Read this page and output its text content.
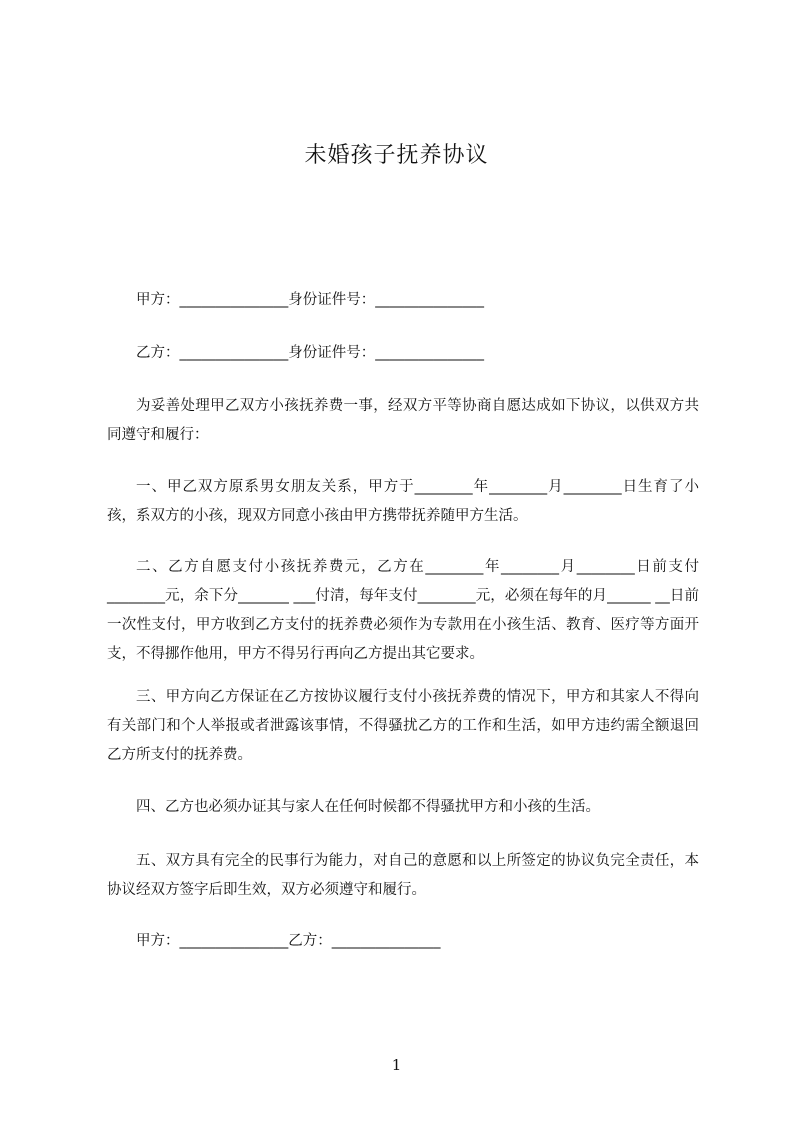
未婚孩子抚养协议

甲方：_______________身份证件号：_______________

乙方：_______________身份证件号：_______________

为妥善处理甲乙双方小孩抚养费一事，经双方平等协商自愿达成如下协议，以供双方共同遵守和履行：

一、甲乙双方原系男女朋友关系，甲方于________年________月________日生育了小孩，系双方的小孩，现双方同意小孩由甲方携带抚养随甲方生活。

二、乙方自愿支付小孩抚养费元，乙方在________年________月________日前支付________元，余下分_______ ___付清，每年支付________元，必须在每年的月______ __日前一次性支付，甲方收到乙方支付的抚养费必须作为专款用在小孩生活、教育、医疗等方面开支，不得挪作他用，甲方不得另行再向乙方提出其它要求。

三、甲方向乙方保证在乙方按协议履行支付小孩抚养费的情况下，甲方和其家人不得向有关部门和个人举报或者泄露该事情，不得骚扰乙方的工作和生活，如甲方违约需全额退回乙方所支付的抚养费。

四、乙方也必须办证其与家人在任何时候都不得骚扰甲方和小孩的生活。

五、双方具有完全的民事行为能力，对自己的意愿和以上所签定的协议负完全责任，本协议经双方签字后即生效，双方必须遵守和履行。

甲方：_______________乙方：_______________

1
